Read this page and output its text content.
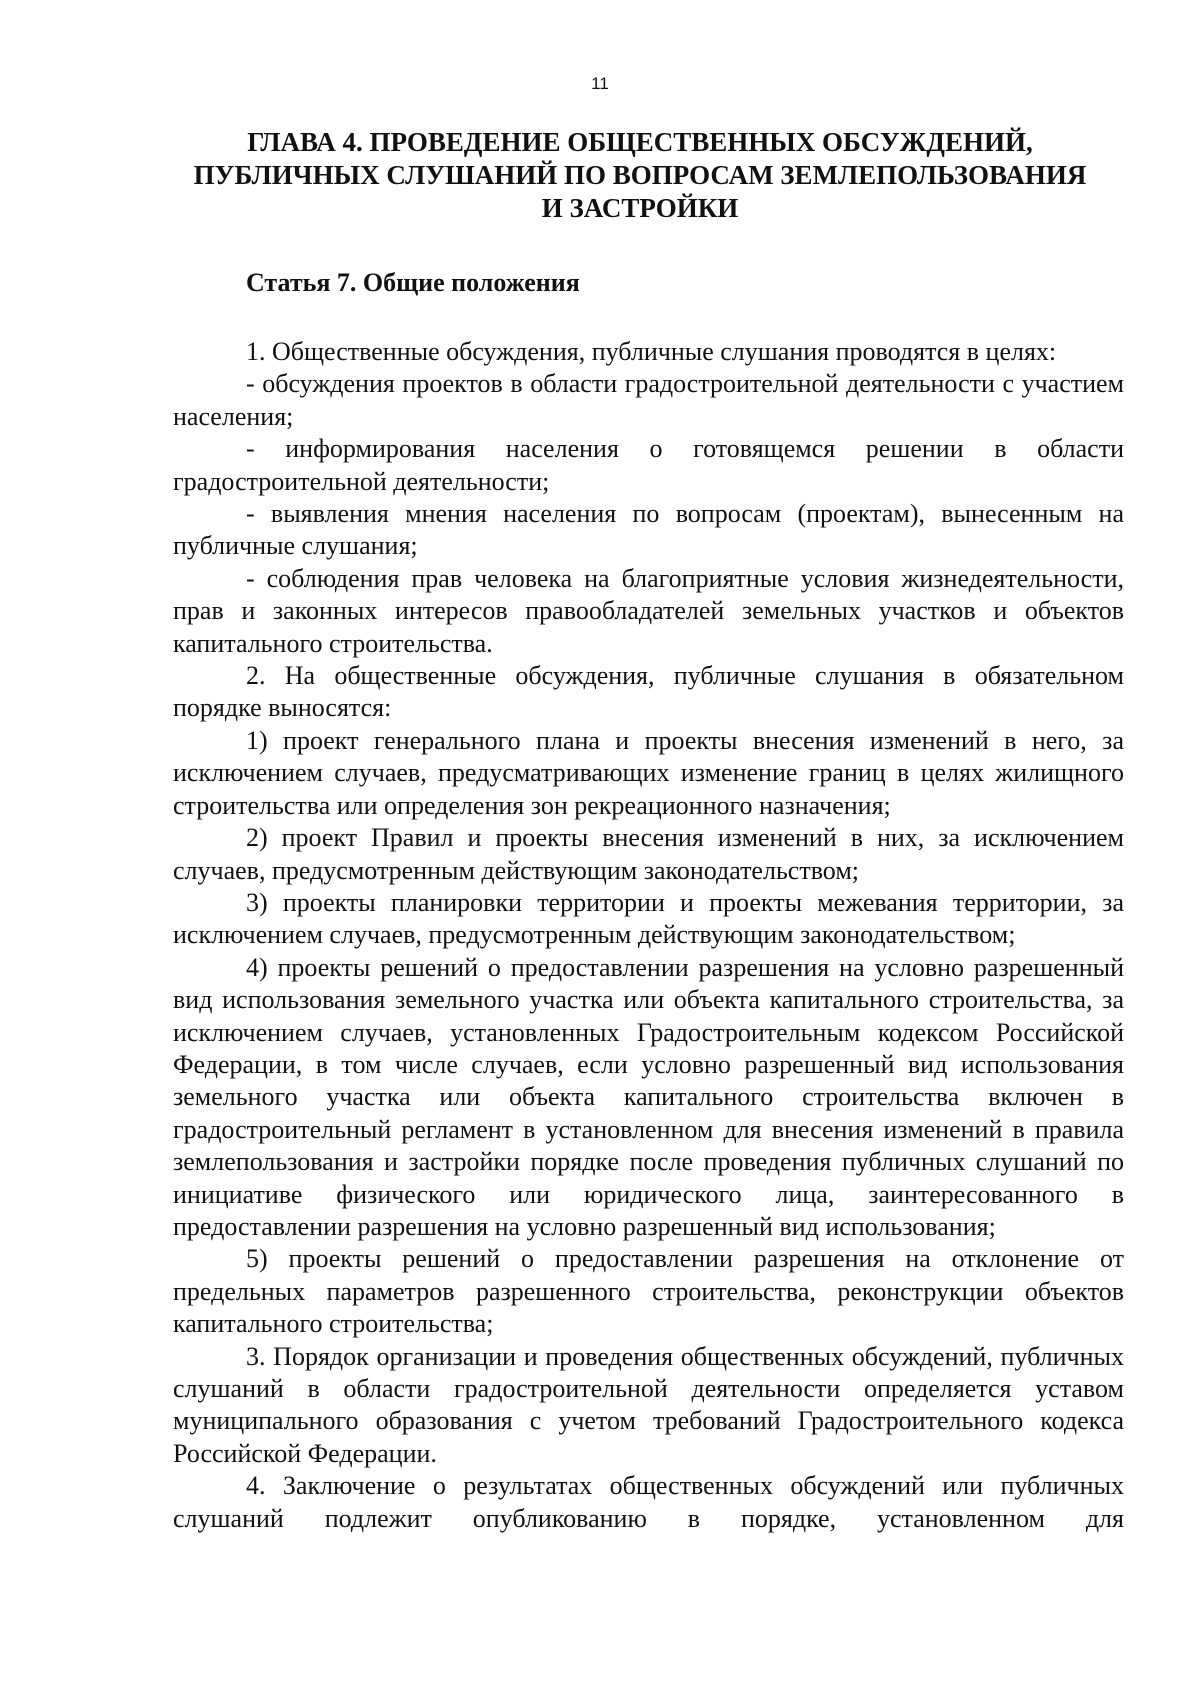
11
ГЛАВА 4. ПРОВЕДЕНИЕ ОБЩЕСТВЕННЫХ ОБСУЖДЕНИЙ,
ПУБЛИЧНЫХ СЛУШАНИЙ ПО ВОПРОСАМ ЗЕМЛЕПОЛЬЗОВАНИЯ
И ЗАСТРОЙКИ
Статья 7. Общие положения

1. Общественные обсуждения, публичные слушания проводятся в целях:

- обсуждения проектов в области градостроительной деятельности с участием населения;

- информирования населения о готовящемся решении в области градостроительной деятельности;

- выявления мнения населения по вопросам (проектам), вынесенным на публичные слушания;

- соблюдения прав человека на благоприятные условия жизнедеятельности, прав и законных интересов правообладателей земельных участков и объектов капитального строительства.

2. На общественные обсуждения, публичные слушания в обязательном порядке выносятся:

1) проект генерального плана и проекты внесения изменений в него, за исключением случаев, предусматривающих изменение границ в целях жилищного строительства или определения зон рекреационного назначения;

2) проект Правил и проекты внесения изменений в них, за исключением случаев, предусмотренным действующим законодательством;

3) проекты планировки территории и проекты межевания территории, за исключением случаев, предусмотренным действующим законодательством;

4) проекты решений о предоставлении разрешения на условно разрешенный вид использования земельного участка или объекта капитального строительства, за исключением случаев, установленных Градостроительным кодексом Российской Федерации, в том числе случаев, если условно разрешенный вид использования земельного участка или объекта капитального строительства включен в градостроительный регламент в установленном для внесения изменений в правила землепользования и застройки порядке после проведения публичных слушаний по инициативе физического или юридического лица, заинтересованного в предоставлении разрешения на условно разрешенный вид использования;

5) проекты решений о предоставлении разрешения на отклонение от предельных параметров разрешенного строительства, реконструкции объектов капитального строительства;

3. Порядок организации и проведения общественных обсуждений, публичных слушаний в области градостроительной деятельности определяется уставом муниципального образования с учетом требований Градостроительного кодекса Российской Федерации.

4. Заключение о результатах общественных обсуждений или публичных слушаний подлежит опубликованию в порядке, установленном для
